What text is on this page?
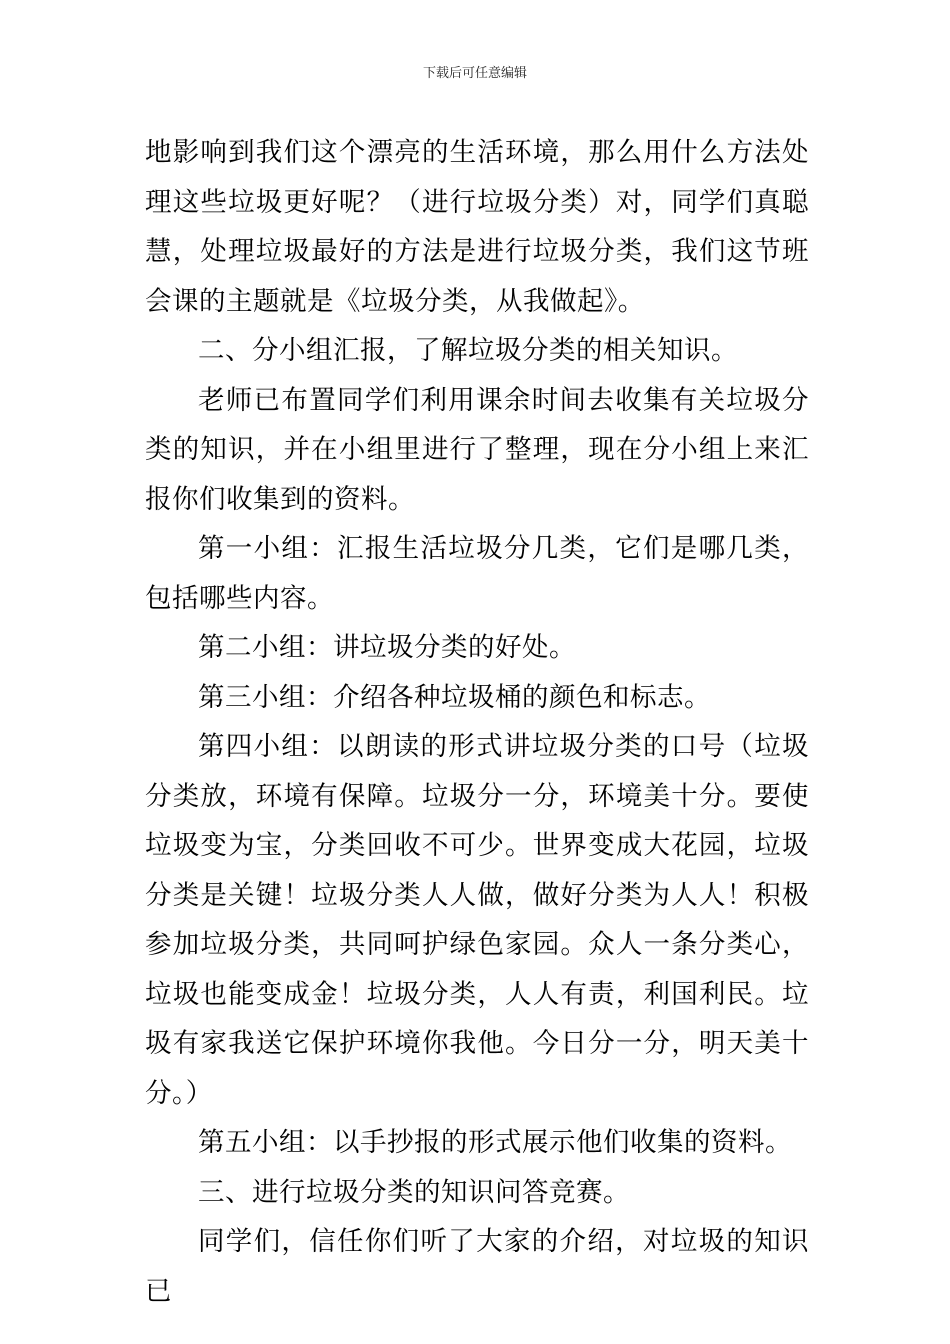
下载后可任意编辑

地影响到我们这个漂亮的生活环境，那么用什么方法处理这些垃圾更好呢？（进行垃圾分类）对，同学们真聪慧，处理垃圾最好的方法是进行垃圾分类，我们这节班会课的主题就是《垃圾分类，从我做起》。

二、分小组汇报，了解垃圾分类的相关知识。

老师已布置同学们利用课余时间去收集有关垃圾分类的知识，并在小组里进行了整理，现在分小组上来汇报你们收集到的资料。

第一小组：汇报生活垃圾分几类，它们是哪几类，包括哪些内容。

第二小组：讲垃圾分类的好处。

第三小组：介绍各种垃圾桶的颜色和标志。

第四小组：以朗读的形式讲垃圾分类的口号（垃圾分类放，环境有保障。垃圾分一分，环境美十分。要使垃圾变为宝，分类回收不可少。世界变成大花园，垃圾分类是关键！垃圾分类人人做，做好分类为人人！积极参加垃圾分类，共同呵护绿色家园。众人一条分类心，垃圾也能变成金！垃圾分类，人人有责，利国利民。垃圾有家我送它保护环境你我他。今日分一分，明天美十分。）

第五小组：以手抄报的形式展示他们收集的资料。

三、进行垃圾分类的知识问答竞赛。

同学们，信任你们听了大家的介绍，对垃圾的知识已
